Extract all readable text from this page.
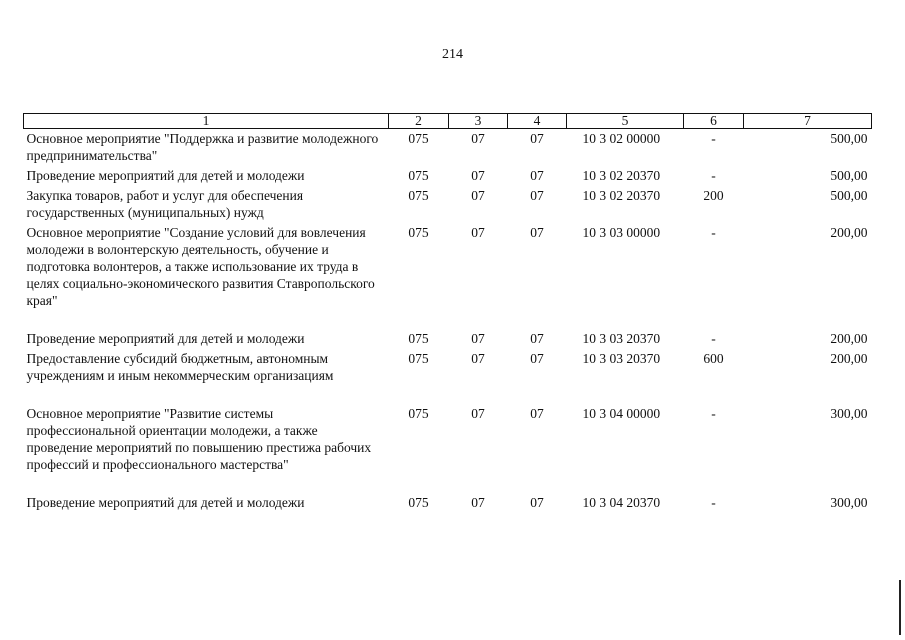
214
1	2	3	4	5	6	7
Основное мероприятие "Поддержка и развитие молодежного предпринимательства"	075	07	07	10 3 02 00000	-	500,00
Проведение мероприятий для детей и молодежи	075	07	07	10 3 02 20370	-	500,00
Закупка товаров, работ и услуг для обеспечения государственных (муниципальных) нужд	075	07	07	10 3 02 20370	200	500,00
Основное мероприятие "Создание условий для вовлечения молодежи в волонтерскую деятельность, обучение и подготовка волонтеров, а также использование их труда в целях социально-экономического развития Ставропольского края"	075	07	07	10 3 03 00000	-	200,00

Проведение мероприятий для детей и молодежи	075	07	07	10 3 03 20370	-	200,00
Предоставление субсидий бюджетным, автономным учреждениям и иным некоммерческим организациям	075	07	07	10 3 03 20370	600	200,00

Основное мероприятие "Развитие системы профессиональной ориентации молодежи, а также проведение мероприятий по повышению престижа рабочих профессий и профессионального мастерства"	075	07	07	10 3 04 00000	-	300,00

Проведение мероприятий для детей и молодежи	075	07	07	10 3 04 20370	-	300,00
